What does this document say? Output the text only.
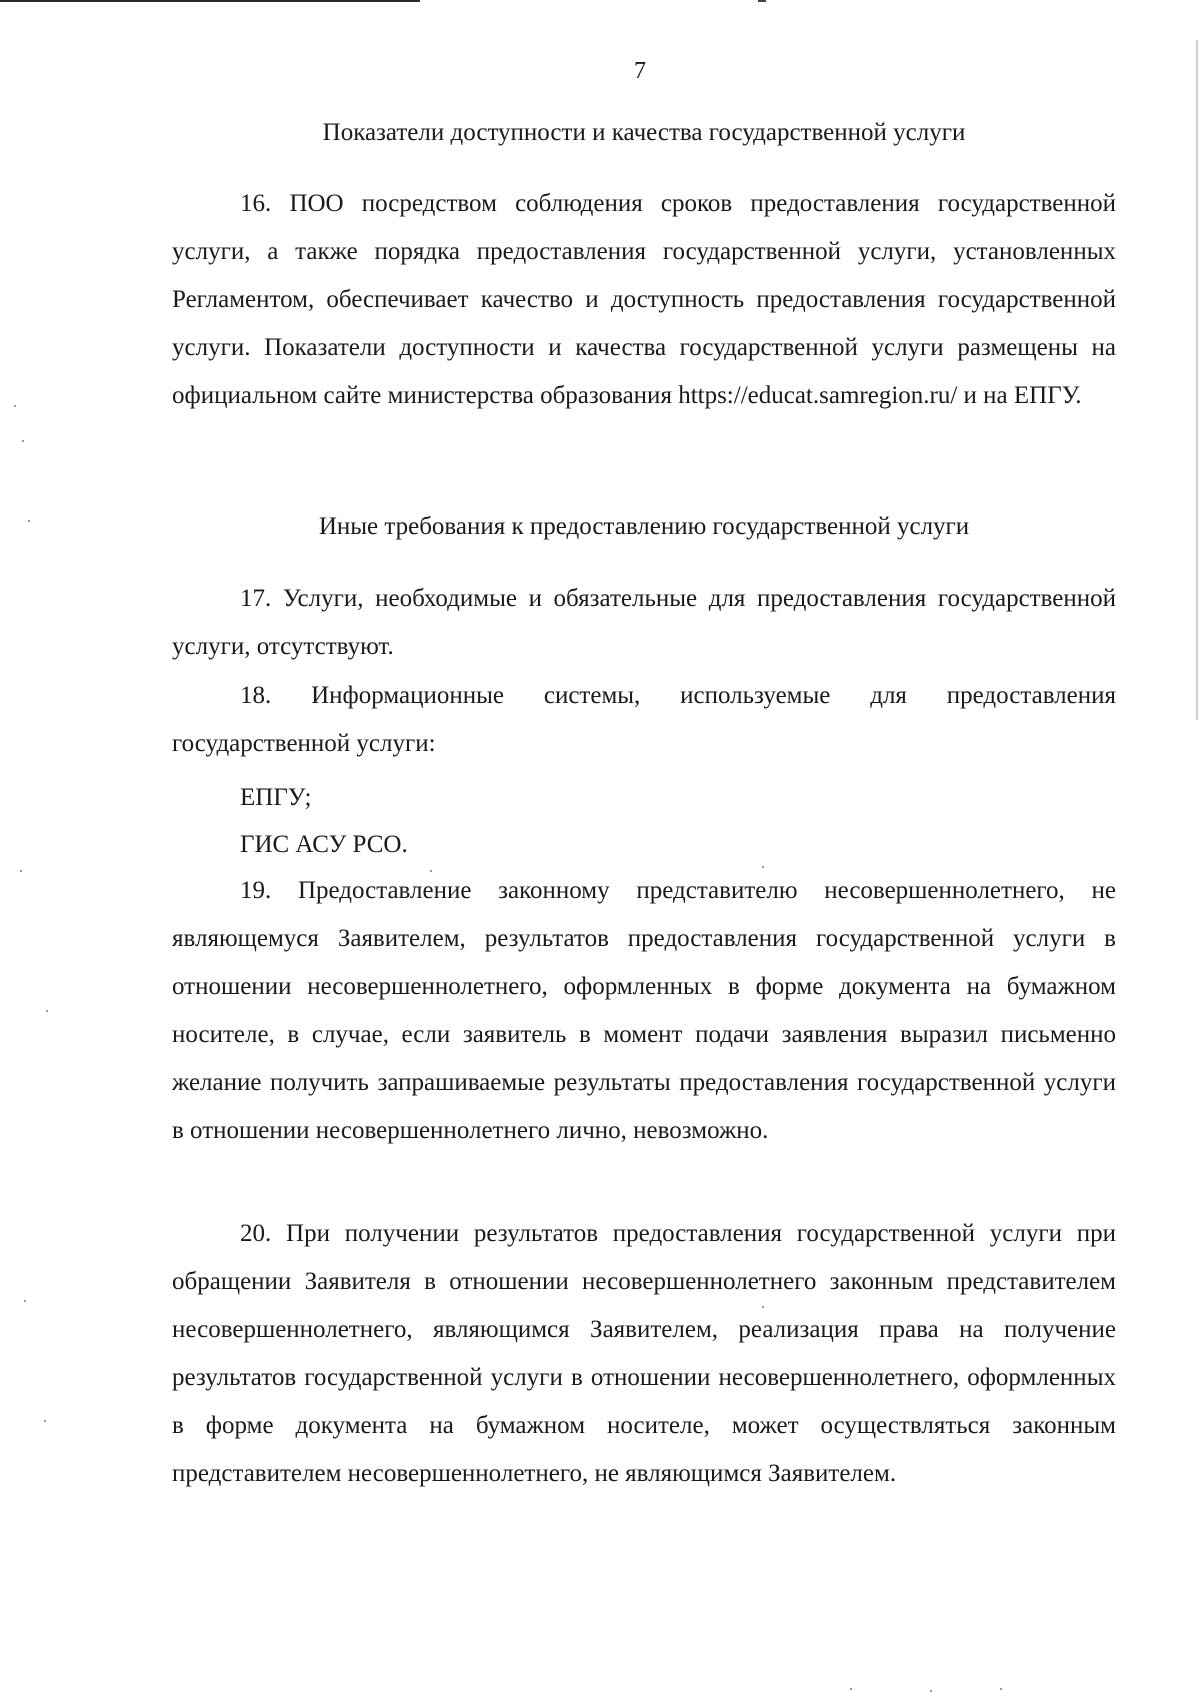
7
Показатели доступности и качества государственной услуги

16. ПОО посредством соблюдения сроков предоставления государственной услуги, а также порядка предоставления государственной услуги, установленных Регламентом, обеспечивает качество и доступность предоставления государственной услуги. Показатели доступности и качества государственной услуги размещены на официальном сайте министерства образования https://educat.samregion.ru/ и на ЕПГУ.

Иные требования к предоставлению государственной услуги

17. Услуги, необходимые и обязательные для предоставления государственной услуги, отсутствуют.

18. Информационные системы, используемые для предоставления государственной услуги:

ЕПГУ;
ГИС АСУ РСО.

19. Предоставление законному представителю несовершеннолетнего, не являющемуся Заявителем, результатов предоставления государственной услуги в отношении несовершеннолетнего, оформленных в форме документа на бумажном носителе, в случае, если заявитель в момент подачи заявления выразил письменно желание получить запрашиваемые результаты предоставления государственной услуги в отношении несовершеннолетнего лично, невозможно.

20. При получении результатов предоставления государственной услуги при обращении Заявителя в отношении несовершеннолетнего законным представителем несовершеннолетнего, являющимся Заявителем, реализация права на получение результатов государственной услуги в отношении несовершеннолетнего, оформленных в форме документа на бумажном носителе, может осуществляться законным представителем несовершеннолетнего, не являющимся Заявителем.
